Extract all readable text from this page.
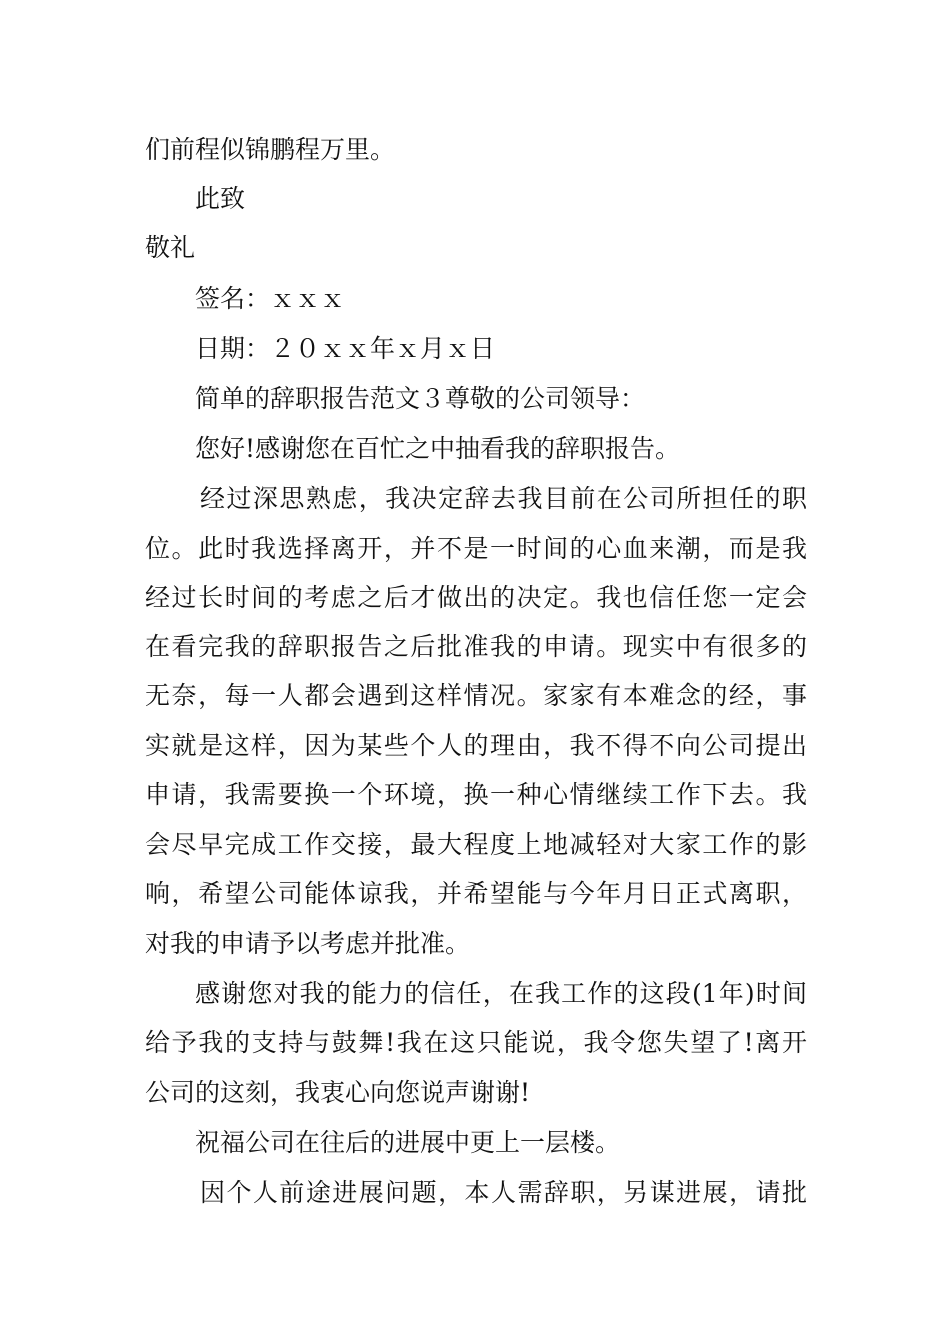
们前程似锦鹏程万里。
此致
敬礼
签名：ｘｘｘ
日期：２０ｘｘ年ｘ月ｘ日
简单的辞职报告范文３尊敬的公司领导：
您好!感谢您在百忙之中抽看我的辞职报告。
经过深思熟虑，我决定辞去我目前在公司所担任的职
位。此时我选择离开，并不是一时间的心血来潮，而是我
经过长时间的考虑之后才做出的决定。我也信任您一定会
在看完我的辞职报告之后批准我的申请。现实中有很多的
无奈，每一人都会遇到这样情况。家家有本难念的经，事
实就是这样，因为某些个人的理由，我不得不向公司提出
申请，我需要换一个环境，换一种心情继续工作下去。我
会尽早完成工作交接，最大程度上地减轻对大家工作的影
响，希望公司能体谅我，并希望能与今年月日正式离职，
对我的申请予以考虑并批准。
感谢您对我的能力的信任，在我工作的这段(1年)时间
给予我的支持与鼓舞!我在这只能说，我令您失望了!离开
公司的这刻，我衷心向您说声谢谢!
祝福公司在往后的进展中更上一层楼。
因个人前途进展问题，本人需辞职，另谋进展，请批
